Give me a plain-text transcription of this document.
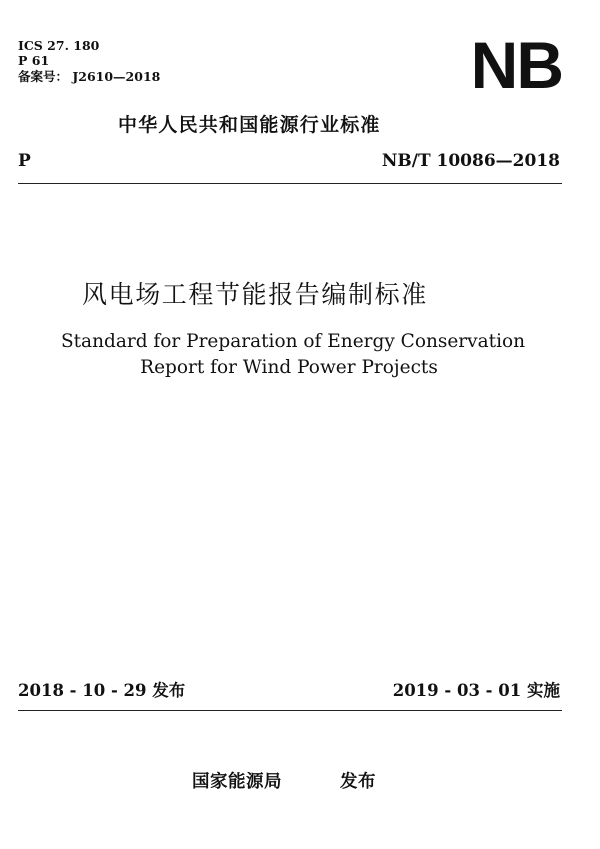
ICS 27. 180
P 61
备案号： J2610—2018	NB
中华人民共和国能源行业标准
P	NB/T 10086—2018
风电场工程节能报告编制标准
Standard for Preparation of Energy Conservation
Report for Wind Power Projects
2018 - 10 - 29 发布	2019 - 03 - 01 实施
国家能源局	发布
